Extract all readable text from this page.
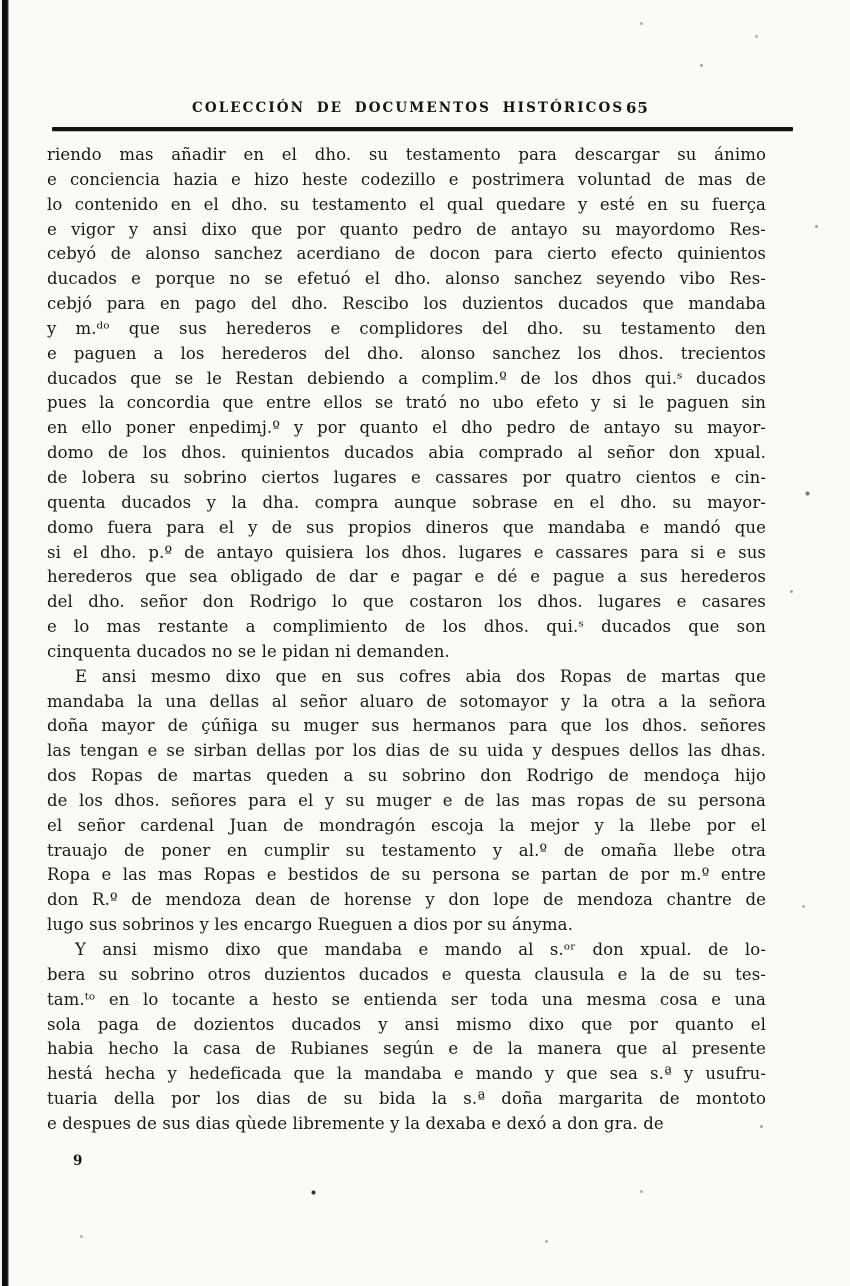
COLECCIÓN DE DOCUMENTOS HISTÓRICOS 65
riendo mas añadir en el dho. su testamento para descargar su ánimo
e conciencia hazia e hizo heste codezillo e postrimera voluntad de mas de
lo contenido en el dho. su testamento el qual quedare y esté en su fuerça
e vigor y ansi dixo que por quanto pedro de antayo su mayordomo Res-
cebyó de alonso sanchez acerdiano de docon para cierto efecto quinientos
ducados e porque no se efetuó el dho. alonso sanchez seyendo vibo Res-
cebjó para en pago del dho. Rescibo los duzientos ducados que mandaba
y m.ᵈᵒ que sus herederos e complidores del dho. su testamento den
e paguen a los herederos del dho. alonso sanchez los dhos. trecientos
ducados que se le Restan debiendo a complim.º de los dhos qui.ˢ ducados
pues la concordia que entre ellos se trató no ubo efeto y si le paguen sin
en ello poner enpedimj.º y por quanto el dho pedro de antayo su mayor-
domo de los dhos. quinientos ducados abia comprado al señor don xpual.
de lobera su sobrino ciertos lugares e cassares por quatro cientos e cin-
quenta ducados y la dha. compra aunque sobrase en el dho. su mayor-
domo fuera para el y de sus propios dineros que mandaba e mandó que
si el dho. p.º de antayo quisiera los dhos. lugares e cassares para si e sus
herederos que sea obligado de dar e pagar e dé e pague a sus herederos
del dho. señor don Rodrigo lo que costaron los dhos. lugares e casares
e lo mas restante a complimiento de los dhos. qui.ˢ ducados que son
cinquenta ducados no se le pidan ni demanden.
E ansi mesmo dixo que en sus cofres abia dos Ropas de martas que
mandaba la una dellas al señor aluaro de sotomayor y la otra a la señora
doña mayor de çúñiga su muger sus hermanos para que los dhos. señores
las tengan e se sirban dellas por los dias de su uida y despues dellos las dhas.
dos Ropas de martas queden a su sobrino don Rodrigo de mendoça hijo
de los dhos. señores para el y su muger e de las mas ropas de su persona
el señor cardenal Juan de mondragón escoja la mejor y la llebe por el
trauajo de poner en cumplir su testamento y al.º de omaña llebe otra
Ropa e las mas Ropas e bestidos de su persona se partan de por m.º entre
don R.º de mendoza dean de horense y don lope de mendoza chantre de
lugo sus sobrinos y les encargo Rueguen a dios por su ányma.
Y ansi mismo dixo que mandaba e mando al s.ᵒʳ don xpual. de lo-
bera su sobrino otros duzientos ducados e questa clausula e la de su tes-
tam.ᵗᵒ en lo tocante a hesto se entienda ser toda una mesma cosa e una
sola paga de dozientos ducados y ansi mismo dixo que por quanto el
habia hecho la casa de Rubianes según e de la manera que al presente
hestá hecha y hedeficada que la mandaba e mando y que sea s.ª y usufru-
tuaria della por los dias de su bida la s.ª doña margarita de montoto
e despues de sus dias qùede libremente y la dexaba e dexó a don gra. de
9
